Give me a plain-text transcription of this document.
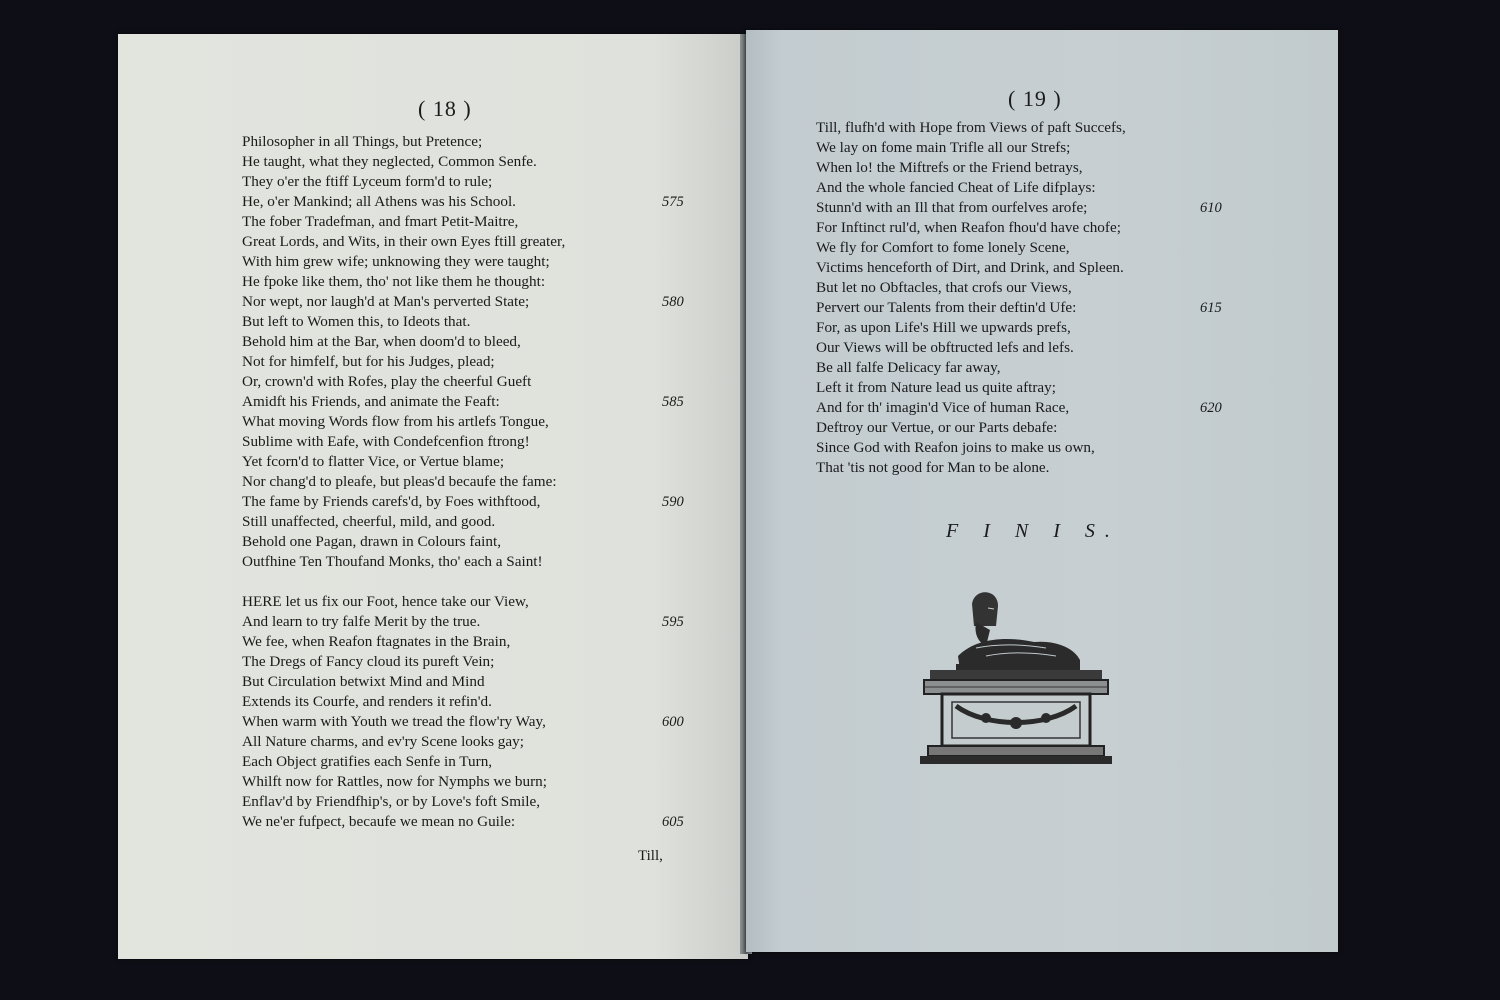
( 18 )
Philosopher in all Things, but Pretence;
He taught, what they neglected, Common Senfe.
They o'er the ftiff Lyceum form'd to rule;
He, o'er Mankind; all Athens was his School.	575
The fober Tradefman, and fmart Petit-Maitre,
Great Lords, and Wits, in their own Eyes ftill greater,
With him grew wife; unknowing they were taught;
He fpoke like them, tho' not like them he thought:
Nor wept, nor laugh'd at Man's perverted State;	580
But left to Women this, to Ideots that.
Behold him at the Bar, when doom'd to bleed,
Not for himfelf, but for his Judges, plead;
Or, crown'd with Rofes, play the cheerful Gueft
Amidft his Friends, and animate the Feaft:	585
What moving Words flow from his artlefs Tongue,
Sublime with Eafe, with Condefcenfion ftrong!
Yet fcorn'd to flatter Vice, or Vertue blame;
Nor chang'd to pleafe, but pleas'd becaufe the fame:
The fame by Friends carefs'd, by Foes withftood,	590
Still unaffected, cheerful, mild, and good.
Behold one Pagan, drawn in Colours faint,
Outfhine Ten Thoufand Monks, tho' each a Saint!
HERE let us fix our Foot, hence take our View,
And learn to try falfe Merit by the true.	595
We fee, when Reafon ftagnates in the Brain,
The Dregs of Fancy cloud its pureft Vein;
But Circulation betwixt Mind and Mind
Extends its Courfe, and renders it refin'd.
When warm with Youth we tread the flow'ry Way,	600
All Nature charms, and ev'ry Scene looks gay;
Each Object gratifies each Senfe in Turn,
Whilft now for Rattles, now for Nymphs we burn;
Enflav'd by Friendfhip's, or by Love's foft Smile,
We ne'er fufpect, becaufe we mean no Guile:	605
Till,
( 19 )
Till, flufh'd with Hope from Views of paft Succefs,
We lay on fome main Trifle all our Strefs;
When lo! the Miftrefs or the Friend betrays,
And the whole fancied Cheat of Life difplays:
Stunn'd with an Ill that from ourfelves arofe;	610
For Inftinct rul'd, when Reafon fhou'd have chofe;
We fly for Comfort to fome lonely Scene,
Victims henceforth of Dirt, and Drink, and Spleen.
But let no Obftacles, that crofs our Views,
Pervert our Talents from their deftin'd Ufe:	615
For, as upon Life's Hill we upwards prefs,
Our Views will be obftructed lefs and lefs.
Be all falfe Delicacy far away,
Left it from Nature lead us quite aftray;
And for th' imagin'd Vice of human Race,	620
Deftroy our Vertue, or our Parts debafe:
Since God with Reafon joins to make us own,
That 'tis not good for Man to be alone.
F I N I S.
